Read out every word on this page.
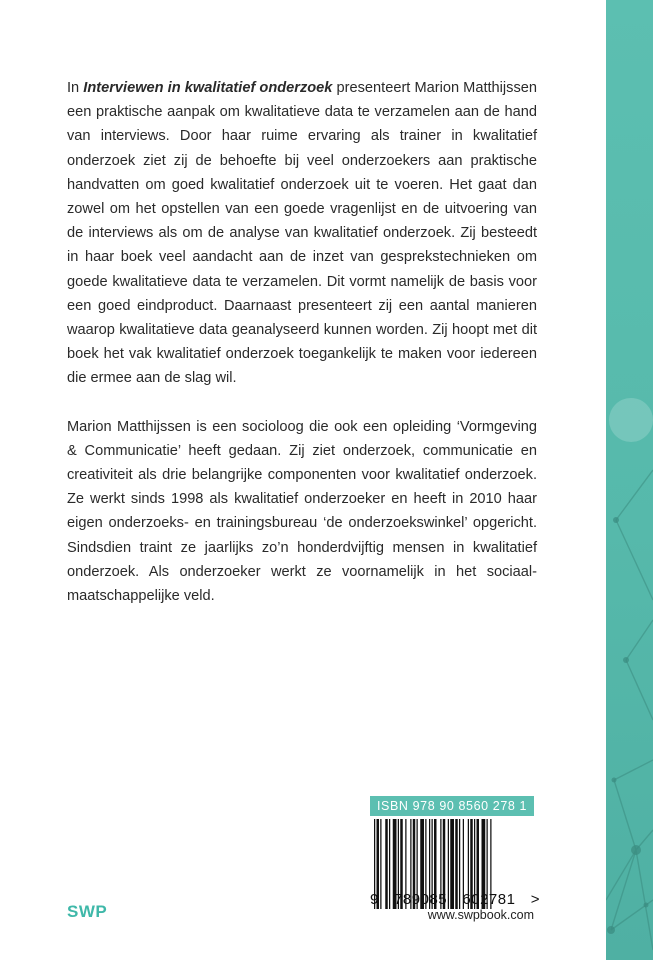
In Interviewen in kwalitatief onderzoek presenteert Marion Matthijssen een praktische aanpak om kwalitatieve data te verzamelen aan de hand van interviews. Door haar ruime ervaring als trainer in kwalitatief onderzoek ziet zij de behoefte bij veel onderzoekers aan praktische handvatten om goed kwalitatief onderzoek uit te voeren. Het gaat dan zowel om het opstellen van een goede vragenlijst en de uitvoering van de interviews als om de analyse van kwalitatief onderzoek. Zij besteedt in haar boek veel aandacht aan de inzet van gesprekstechnieken om goede kwalitatieve data te verzamelen. Dit vormt namelijk de basis voor een goed eindproduct. Daarnaast presenteert zij een aantal manieren waarop kwalitatieve data geanalyseerd kunnen worden. Zij hoopt met dit boek het vak kwalitatief onderzoek toegankelijk te maken voor iedereen die ermee aan de slag wil.

Marion Matthijssen is een socioloog die ook een opleiding ‘Vormgeving & Communicatie’ heeft gedaan. Zij ziet onderzoek, communicatie en creativiteit als drie belangrijke componenten voor kwalitatief onderzoek. Ze werkt sinds 1998 als kwalitatief onderzoeker en heeft in 2010 haar eigen onderzoeks- en trainingsbureau ‘de onderzoekswinkel’ opgericht. Sindsdien traint ze jaarlijks zo’n honderdvijftig mensen in kwalitatief onderzoek. Als onderzoeker werkt ze voornamelijk in het sociaal-maatschappelijke veld.

ISBN 978 90 8560 278 1
9 789085 602781 >
www.swpbook.com
SWP
